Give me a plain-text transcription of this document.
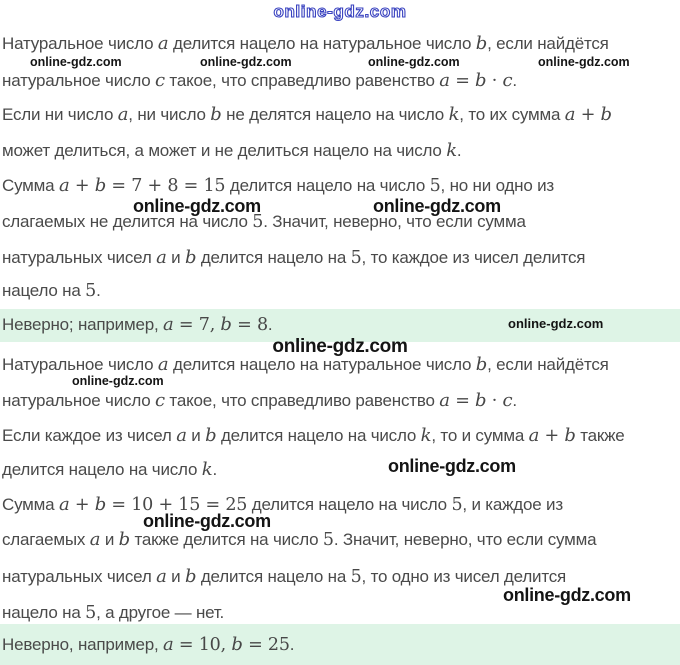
online-gdz.com
Натуральное число a делится нацело на натуральное число b, если найдётся
online-gdz.com	online-gdz.com	online-gdz.com	online-gdz.com
натуральное число c такое, что справедливо равенство a = b · c.
Если ни число a, ни число b не делятся нацело на число k, то их сумма a + b
может делиться, а может и не делиться нацело на число k.
Сумма a + b = 7 + 8 = 15 делится нацело на число 5, но ни одно из
online-gdz.com	online-gdz.com
слагаемых не делится на число 5. Значит, неверно, что если сумма
натуральных чисел a и b делится нацело на 5, то каждое из чисел делится
нацело на 5.
Неверно; например, a = 7, b = 8.	online-gdz.com
online-gdz.com
Натуральное число a делится нацело на натуральное число b, если найдётся
online-gdz.com
натуральное число c такое, что справедливо равенство a = b · c.
Если каждое из чисел a и b делится нацело на число k, то и сумма a + b также
делится нацело на число k.	online-gdz.com
Сумма a + b = 10 + 15 = 25 делится нацело на число 5, и каждое из
online-gdz.com
слагаемых a и b также делится на число 5. Значит, неверно, что если сумма
натуральных чисел a и b делится нацело на 5, то одно из чисел делится
online-gdz.com
нацело на 5, а другое — нет.
Неверно, например, a = 10, b = 25.
